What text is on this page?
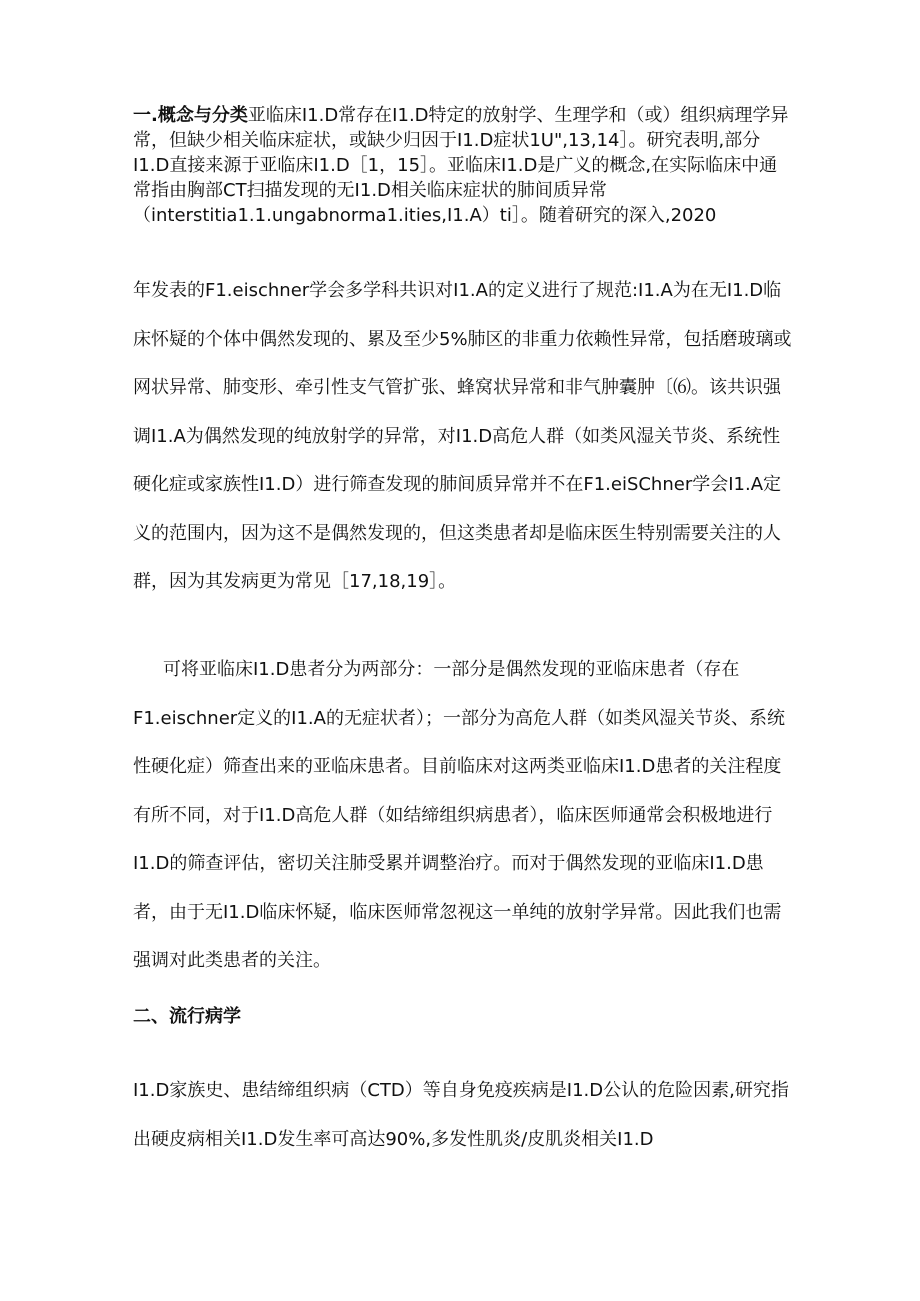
一.概念与分类亚临床I1.D常存在I1.D特定的放射学、生理学和（或）组织病理学异常，但缺少相关临床症状，或缺少归因于I1.D症状1U",13,14］。研究表明,部分I1.D直接来源于亚临床I1.D［1，15］。亚临床I1.D是广义的概念,在实际临床中通常指由胸部CT扫描发现的无I1.D相关临床症状的肺间质异常（interstitia1.1.ungabnorma1.ities,I1.A）ti］。随着研究的深入,2020

年发表的F1.eischner学会多学科共识对I1.A的定义进行了规范:I1.A为在无I1.D临床怀疑的个体中偶然发现的、累及至少5%肺区的非重力依赖性异常，包括磨玻璃或网状异常、肺变形、牵引性支气管扩张、蜂窝状异常和非气肿囊肿〔⑹。该共识强调I1.A为偶然发现的纯放射学的异常，对I1.D高危人群（如类风湿关节炎、系统性硬化症或家族性I1.D）进行筛查发现的肺间质异常并不在F1.eiSChner学会I1.A定义的范围内，因为这不是偶然发现的，但这类患者却是临床医生特别需要关注的人群，因为其发病更为常见［17,18,19］。

可将亚临床I1.D患者分为两部分：一部分是偶然发现的亚临床患者（存在F1.eischner定义的I1.A的无症状者）；一部分为高危人群（如类风湿关节炎、系统性硬化症）筛查出来的亚临床患者。目前临床对这两类亚临床I1.D患者的关注程度有所不同，对于I1.D高危人群（如结缔组织病患者），临床医师通常会积极地进行I1.D的筛查评估，密切关注肺受累并调整治疗。而对于偶然发现的亚临床I1.D患者，由于无I1.D临床怀疑，临床医师常忽视这一单纯的放射学异常。因此我们也需强调对此类患者的关注。

二、流行病学

I1.D家族史、患结缔组织病（CTD）等自身免疫疾病是I1.D公认的危险因素,研究指出硬皮病相关I1.D发生率可高达90%,多发性肌炎/皮肌炎相关I1.D
